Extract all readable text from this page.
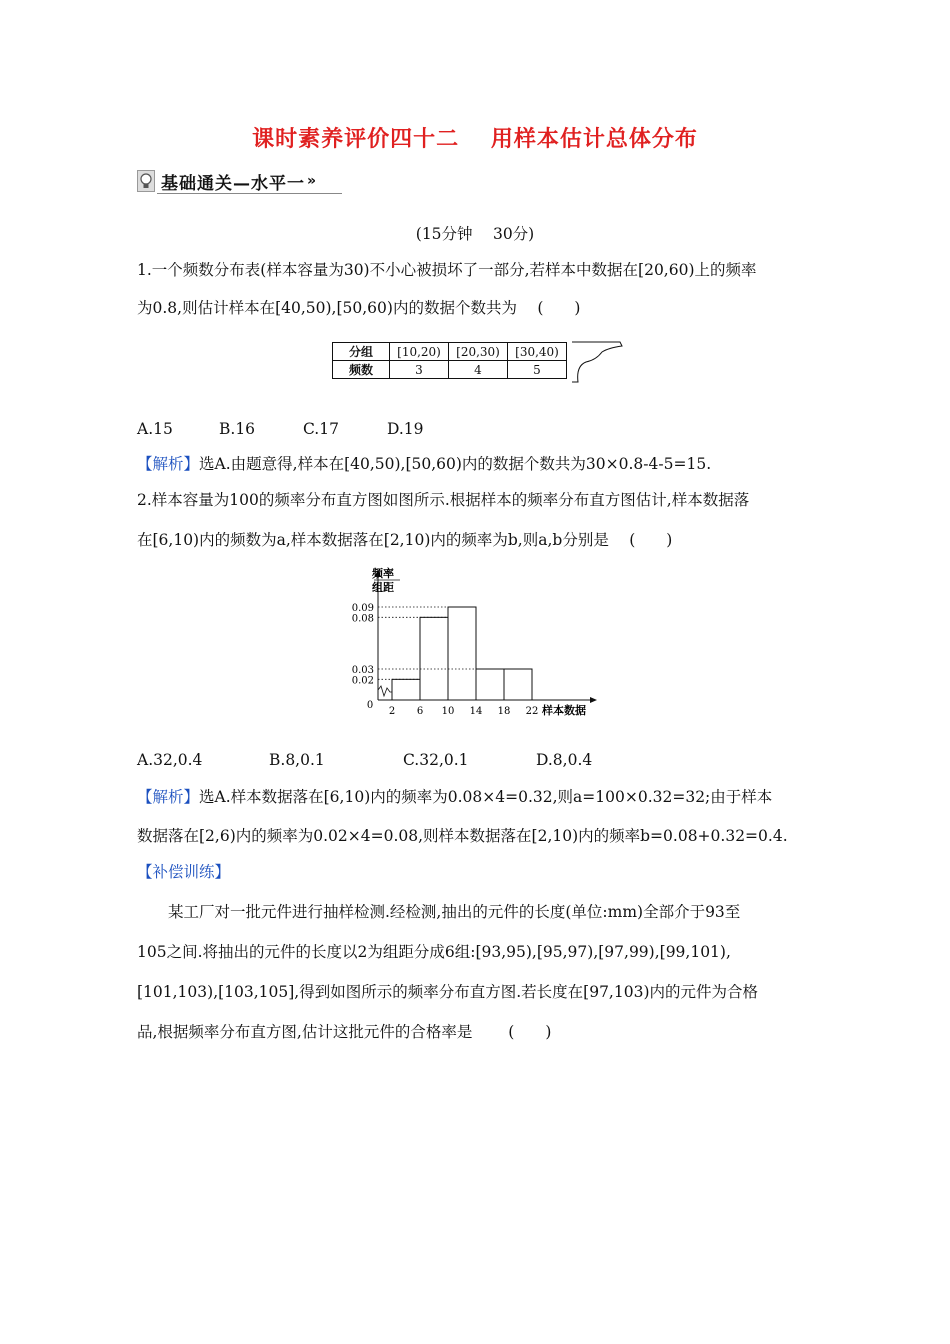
课时素养评价四十二　 用样本估计总体分布
基础通关—水平一 »
(15分钟　 30分)
1.一个频数分布表(样本容量为30)不小心被损坏了一部分,若样本中数据在[20,60)上的频率
为0.8,则估计样本在[40,50),[50,60)内的数据个数共为　 (　　)
分组	[10,20)	[20,30)	[30,40)
频数	3	4	5
A.15	B.16	C.17	D.19
【解析】选A.由题意得,样本在[40,50),[50,60)内的数据个数共为30×0.8-4-5=15.
2.样本容量为100的频率分布直方图如图所示.根据样本的频率分布直方图估计,样本数据落
在[6,10)内的频数为a,样本数据落在[2,10)内的频率为b,则a,b分别是　 (　　)
频率
组距
0.02
0.03
0.08
0.09
2 6 10 14 18 22
0	样本数据
A.32,0.4	B.8,0.1	C.32,0.1	D.8,0.4
【解析】选A.样本数据落在[6,10)内的频率为0.08×4=0.32,则a=100×0.32=32;由于样本
数据落在[2,6)内的频率为0.02×4=0.08,则样本数据落在[2,10)内的频率b=0.08+0.32=0.4.
【补偿训练】
　　某工厂对一批元件进行抽样检测.经检测,抽出的元件的长度(单位:mm)全部介于93至
105之间.将抽出的元件的长度以2为组距分成6组:[93,95),[95,97),[97,99),[99,101),
[101,103),[103,105],得到如图所示的频率分布直方图.若长度在[97,103)内的元件为合格
品,根据频率分布直方图,估计这批元件的合格率是　　 (　　)
